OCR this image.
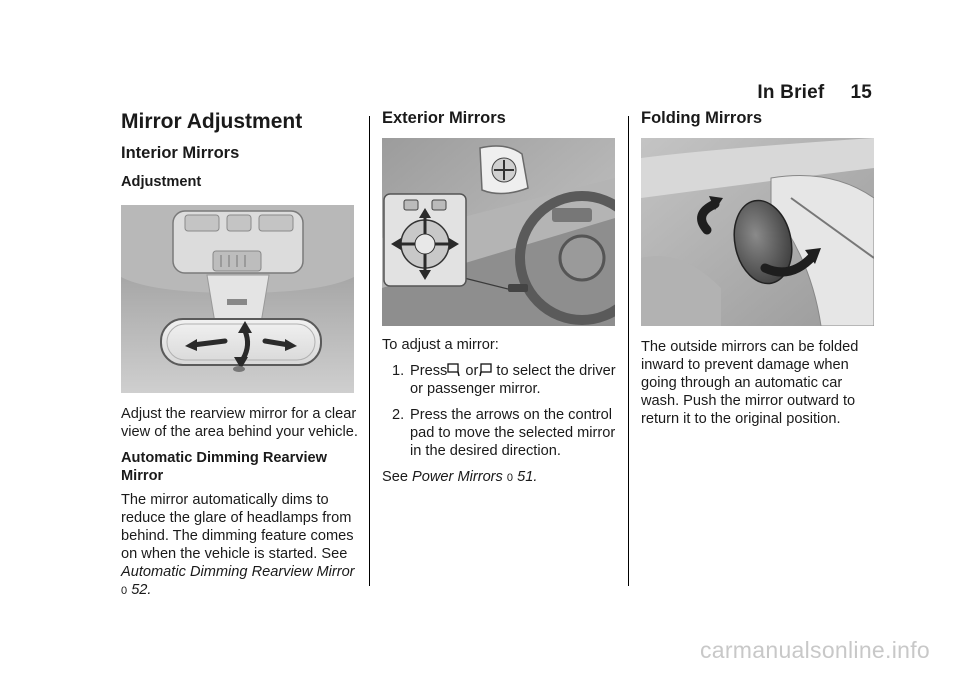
In Brief 15
Mirror Adjustment
Interior Mirrors
Adjustment

Adjust the rearview mirror for a clear view of the area behind your vehicle.

Automatic Dimming Rearview Mirror

The mirror automatically dims to reduce the glare of headlamps from behind. The dimming feature comes on when the vehicle is started. See Automatic Dimming Rearview Mirror
0 52.

Exterior Mirrors

To adjust a mirror:

1. Press or to select the driver or passenger mirror.
2. Press the arrows on the control pad to move the selected mirror in the desired direction.

See Power Mirrors 0 51.

Folding Mirrors

The outside mirrors can be folded inward to prevent damage when going through an automatic car wash. Push the mirror outward to return it to the original position.

carmanualsonline.info
